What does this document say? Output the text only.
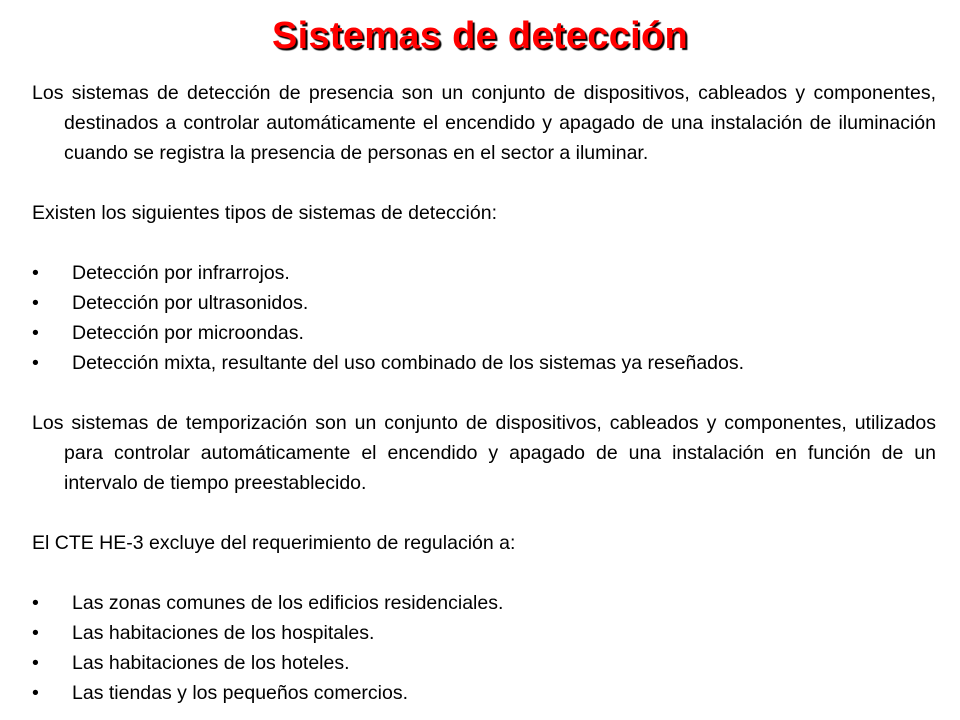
Sistemas de detección

Los sistemas de detección de presencia son un conjunto de dispositivos, cableados y componentes, destinados a controlar automáticamente el encendido y apagado de una instalación de iluminación cuando se registra la presencia de personas en el sector a iluminar.

Existen los siguientes tipos de sistemas de detección:

• Detección por infrarrojos.
• Detección por ultrasonidos.
• Detección por microondas.
• Detección mixta, resultante del uso combinado de los sistemas ya reseñados.

Los sistemas de temporización son un conjunto de dispositivos, cableados y componentes, utilizados para controlar automáticamente el encendido y apagado de una instalación en función de un intervalo de tiempo preestablecido.

El CTE HE-3 excluye del requerimiento de regulación a:

• Las zonas comunes de los edificios residenciales.
• Las habitaciones de los hospitales.
• Las habitaciones de los hoteles.
• Las tiendas y los pequeños comercios.
